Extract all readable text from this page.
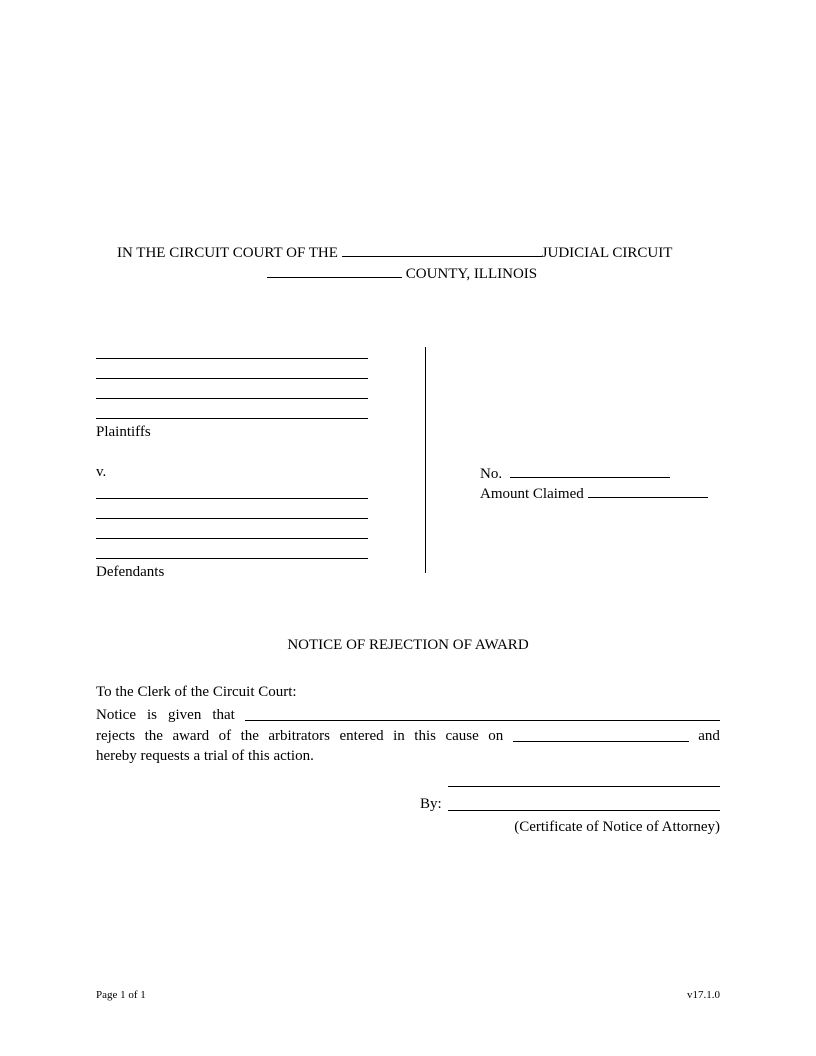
IN THE CIRCUIT COURT OF THE	JUDICIAL CIRCUIT
COUNTY, ILLINOIS
Plaintiffs
v.
Defendants
No.
Amount Claimed
NOTICE OF REJECTION OF AWARD
To the Clerk of the Circuit Court:
Notice is given that
rejects the award of the arbitrators entered in this cause on	and
hereby requests a trial of this action.
By:
(Certificate of Notice of Attorney)
Page 1 of 1	v17.1.0
